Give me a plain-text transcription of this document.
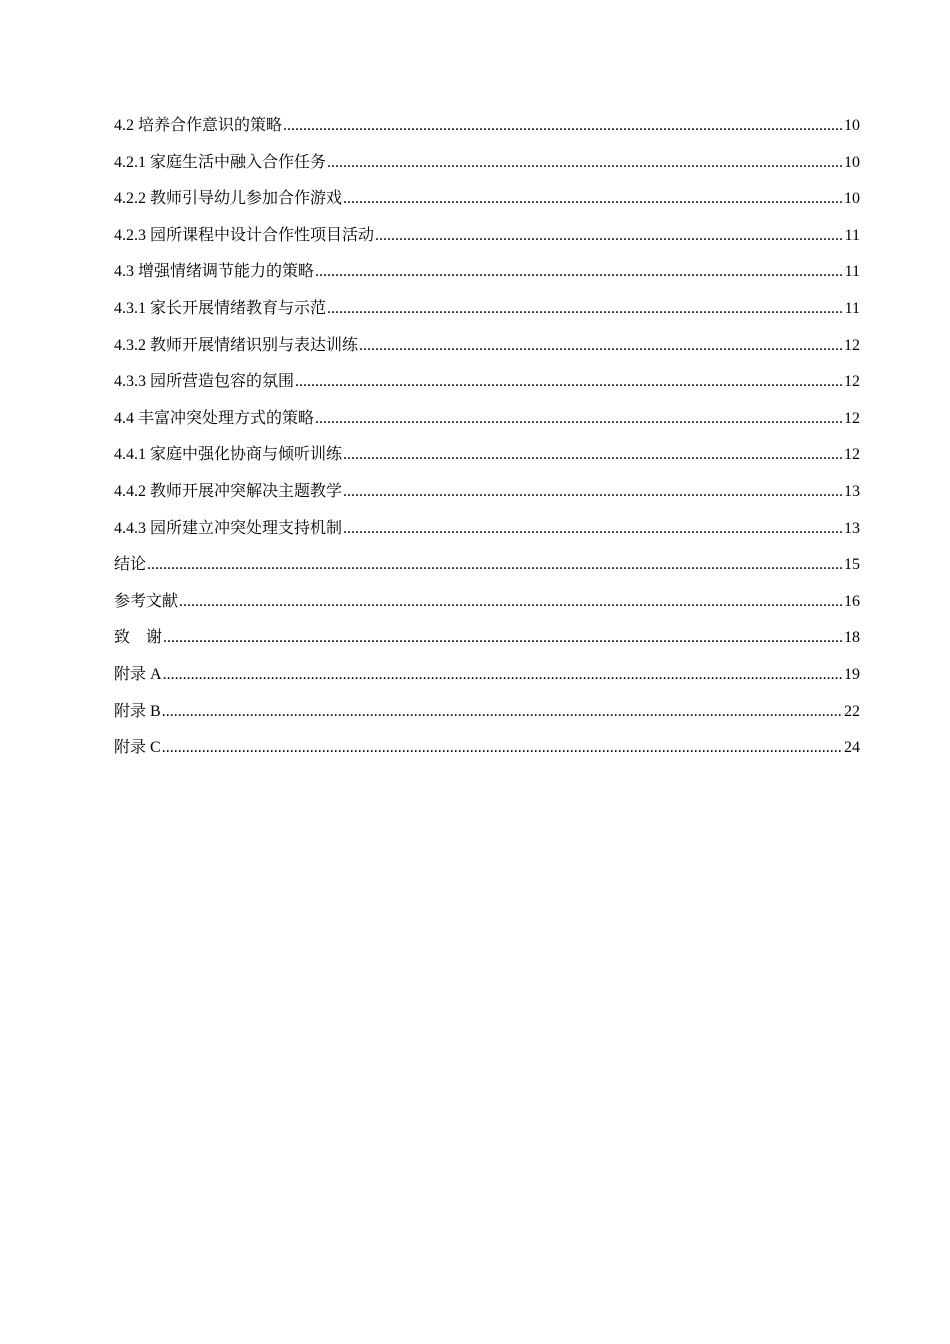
4.2 培养合作意识的策略 .....	10
4.2.1 家庭生活中融入合作任务 .....	10
4.2.2 教师引导幼儿参加合作游戏 .....	10
4.2.3 园所课程中设计合作性项目活动 .....	11
4.3 增强情绪调节能力的策略 .....	11
4.3.1 家长开展情绪教育与示范 .....	11
4.3.2 教师开展情绪识别与表达训练 .....	12
4.3.3 园所营造包容的氛围 .....	12
4.4 丰富冲突处理方式的策略 .....	12
4.4.1 家庭中强化协商与倾听训练 .....	12
4.4.2 教师开展冲突解决主题教学 .....	13
4.4.3 园所建立冲突处理支持机制 .....	13
结论 .....	15
参考文献 .....	16
致　谢 .....	18
附录 A .....	19
附录 B .....	22
附录 C .....	24
